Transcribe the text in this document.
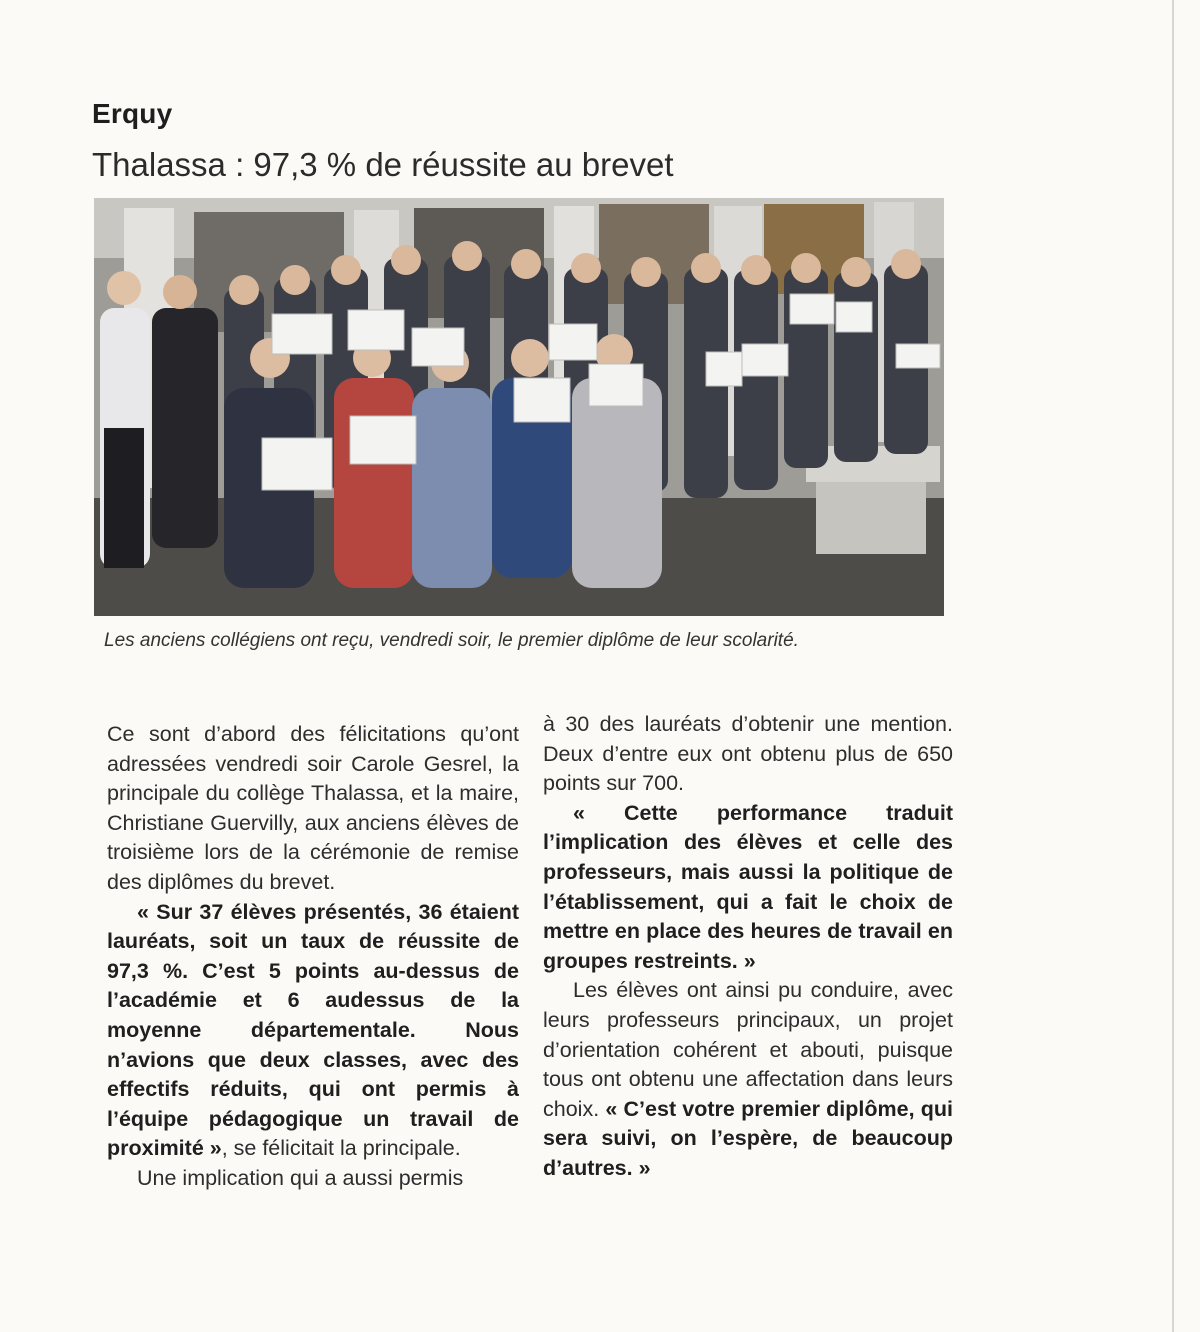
Erquy
Thalassa : 97,3 % de réussite au brevet
Les anciens collégiens ont reçu, vendredi soir, le premier diplôme de leur scolarité.

Ce sont d’abord des félicitations qu’ont adressées vendredi soir Carole Gesrel, la principale du collège Thalassa, et la maire, Christiane Guervilly, aux anciens élèves de troisième lors de la cérémonie de remise des diplômes du brevet.

« Sur 37 élèves présentés, 36 étaient lauréats, soit un taux de réussite de 97,3 %. C’est 5 points au-dessus de l’académie et 6 audessus de la moyenne départementale. Nous n’avions que deux classes, avec des effectifs réduits, qui ont permis à l’équipe pédagogique un travail de proximité », se félicitait la principale.

Une implication qui a aussi permis

à 30 des lauréats d’obtenir une mention. Deux d’entre eux ont obtenu plus de 650 points sur 700.

« Cette performance traduit l’implication des élèves et celle des professeurs, mais aussi la politique de l’établissement, qui a fait le choix de mettre en place des heures de travail en groupes restreints. »

Les élèves ont ainsi pu conduire, avec leurs professeurs principaux, un projet d’orientation cohérent et abouti, puisque tous ont obtenu une affectation dans leurs choix. « C’est votre premier diplôme, qui sera suivi, on l’espère, de beaucoup d’autres. »
